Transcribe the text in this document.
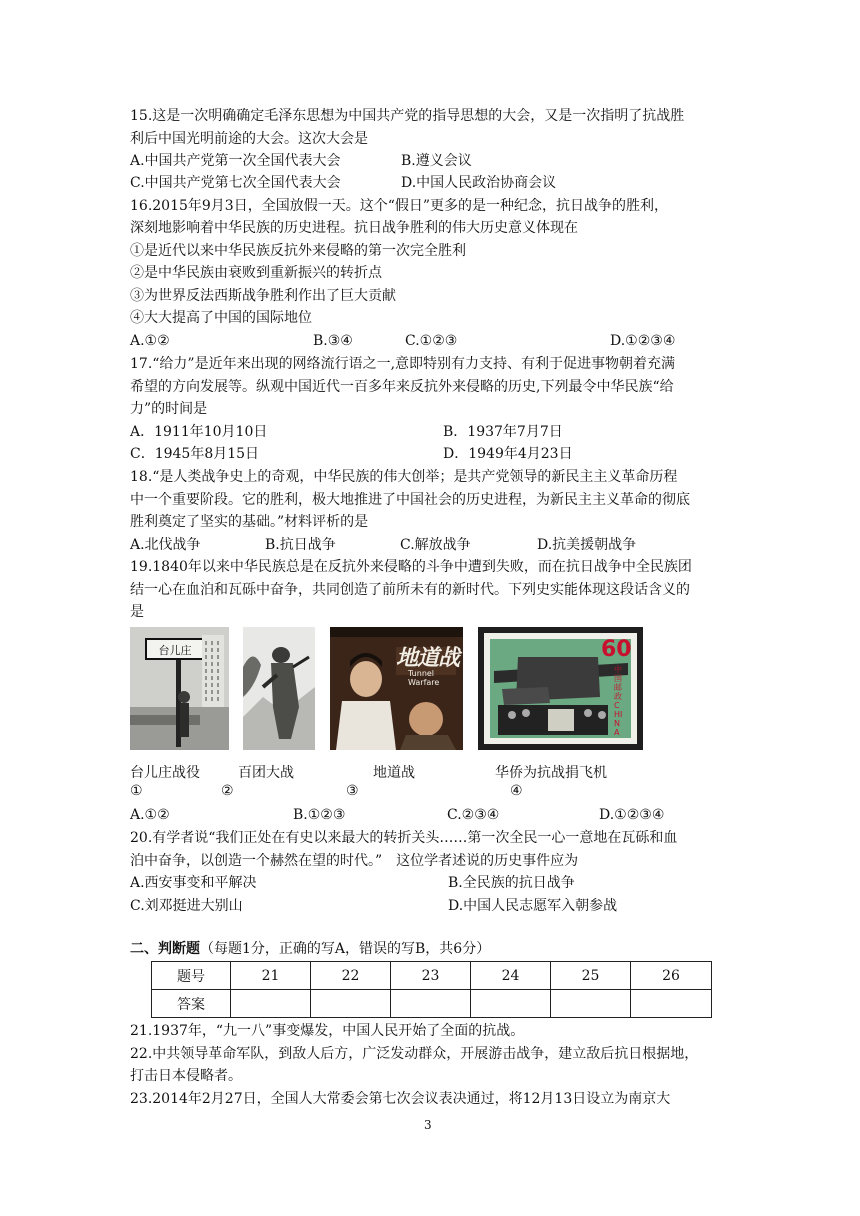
15.这是一次明确确定毛泽东思想为中国共产党的指导思想的大会，又是一次指明了抗战胜
利后中国光明前途的大会。这次大会是
A.中国共产党第一次全国代表大会	B.遵义会议
C.中国共产党第七次全国代表大会	D.中国人民政治协商会议
16.2015年9月3日，全国放假一天。这个“假日”更多的是一种纪念，抗日战争的胜利，
深刻地影响着中华民族的历史进程。抗日战争胜利的伟大历史意义体现在
①是近代以来中华民族反抗外来侵略的第一次完全胜利
②是中华民族由衰败到重新振兴的转折点
③为世界反法西斯战争胜利作出了巨大贡献
④大大提高了中国的国际地位
A.①②	B.③④	C.①②③	D.①②③④
17.“给力”是近年来出现的网络流行语之一,意即特别有力支持、有利于促进事物朝着充满
希望的方向发展等。纵观中国近代一百多年来反抗外来侵略的历史,下列最令中华民族“给
力”的时间是
A．1911年10月10日	B．1937年7月7日
C．1945年8月15日	D．1949年4月23日
18.“是人类战争史上的奇观，中华民族的伟大创举；是共产党领导的新民主主义革命历程
中一个重要阶段。它的胜利，极大地推进了中国社会的历史进程，为新民主主义革命的彻底
胜利奠定了坚实的基础。”材料评析的是
A.北伐战争	B.抗日战争	C.解放战争	D.抗美援朝战争
19.1840年以来中华民族总是在反抗外来侵略的斗争中遭到失败，而在抗日战争中全民族团
结一心在血泊和瓦砾中奋争，共同创造了前所未有的新时代。下列史实能体现这段话含义的
是
台儿庄	地道战
Tunnel Warfare
60
中国邮政 CHINA
台儿庄战役	百团大战	地道战	华侨为抗战捐飞机
①	②	③	④
A.①②	B.①②③	C.②③④	D.①②③④
20.有学者说“我们正处在有史以来最大的转折关头……第一次全民一心一意地在瓦砾和血
泊中奋争，以创造一个赫然在望的时代。”　这位学者述说的历史事件应为
A.西安事变和平解决	B.全民族的抗日战争
C.刘邓挺进大别山	D.中国人民志愿军入朝参战
二、判断题（每题1分，正确的写A，错误的写B，共6分）
题号	21	22	23	24	25	26
答案						
21.1937年，“九一八”事变爆发，中国人民开始了全面的抗战。
22.中共领导革命军队，到敌人后方，广泛发动群众，开展游击战争，建立敌后抗日根据地，
打击日本侵略者。
23.2014年2月27日，全国人大常委会第七次会议表决通过，将12月13日设立为南京大
3
